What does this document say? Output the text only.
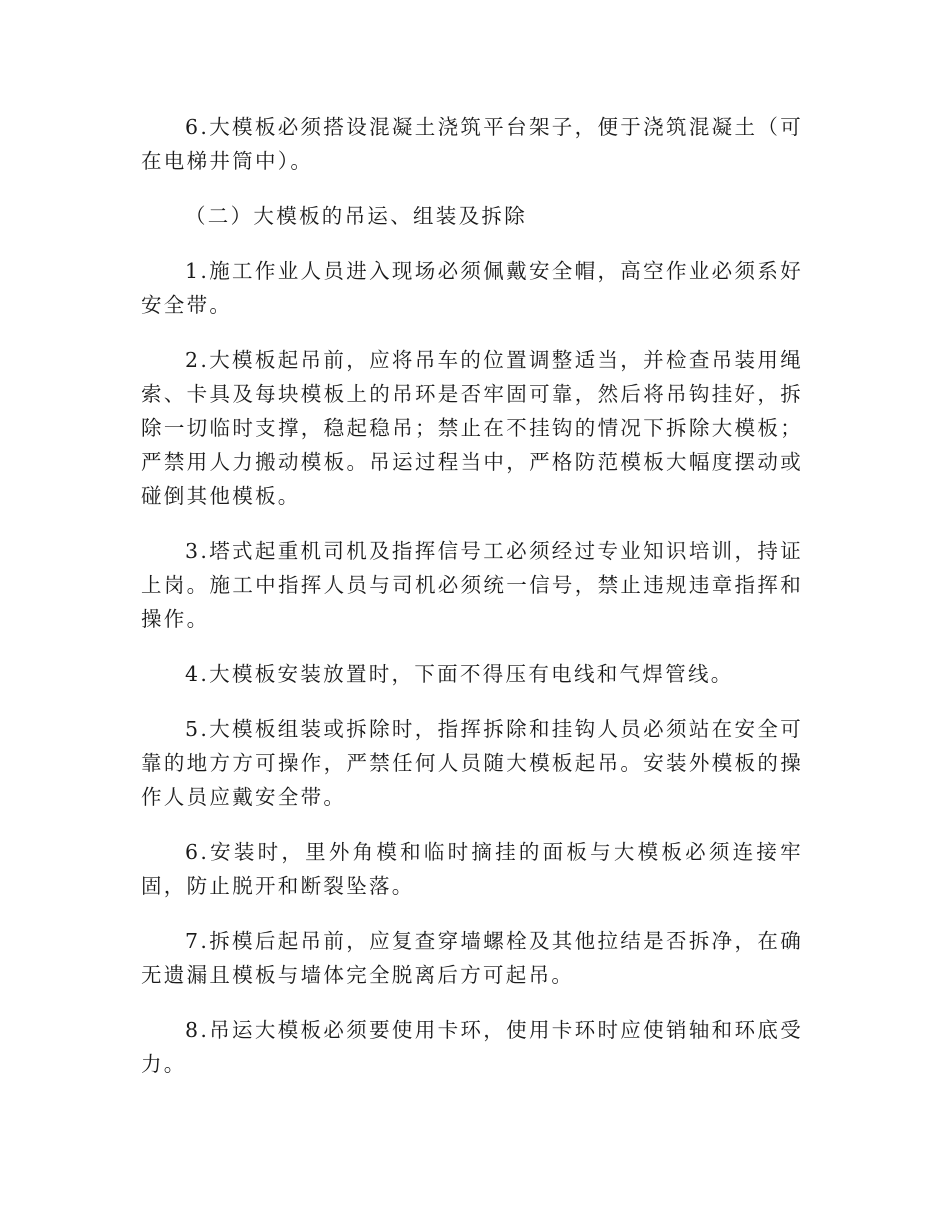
6.大模板必须搭设混凝土浇筑平台架子，便于浇筑混凝土（可在电梯井筒中）。

（二）大模板的吊运、组装及拆除

1.施工作业人员进入现场必须佩戴安全帽，高空作业必须系好安全带。

2.大模板起吊前，应将吊车的位置调整适当，并检查吊装用绳索、卡具及每块模板上的吊环是否牢固可靠，然后将吊钩挂好，拆除一切临时支撑，稳起稳吊；禁止在不挂钩的情况下拆除大模板；严禁用人力搬动模板。吊运过程当中，严格防范模板大幅度摆动或碰倒其他模板。

3.塔式起重机司机及指挥信号工必须经过专业知识培训，持证上岗。施工中指挥人员与司机必须统一信号，禁止违规违章指挥和操作。

4.大模板安装放置时，下面不得压有电线和气焊管线。

5.大模板组装或拆除时，指挥拆除和挂钩人员必须站在安全可靠的地方方可操作，严禁任何人员随大模板起吊。安装外模板的操作人员应戴安全带。

6.安装时，里外角模和临时摘挂的面板与大模板必须连接牢固，防止脱开和断裂坠落。

7.拆模后起吊前，应复查穿墙螺栓及其他拉结是否拆净，在确无遗漏且模板与墙体完全脱离后方可起吊。

8.吊运大模板必须要使用卡环，使用卡环时应使销轴和环底受力。
